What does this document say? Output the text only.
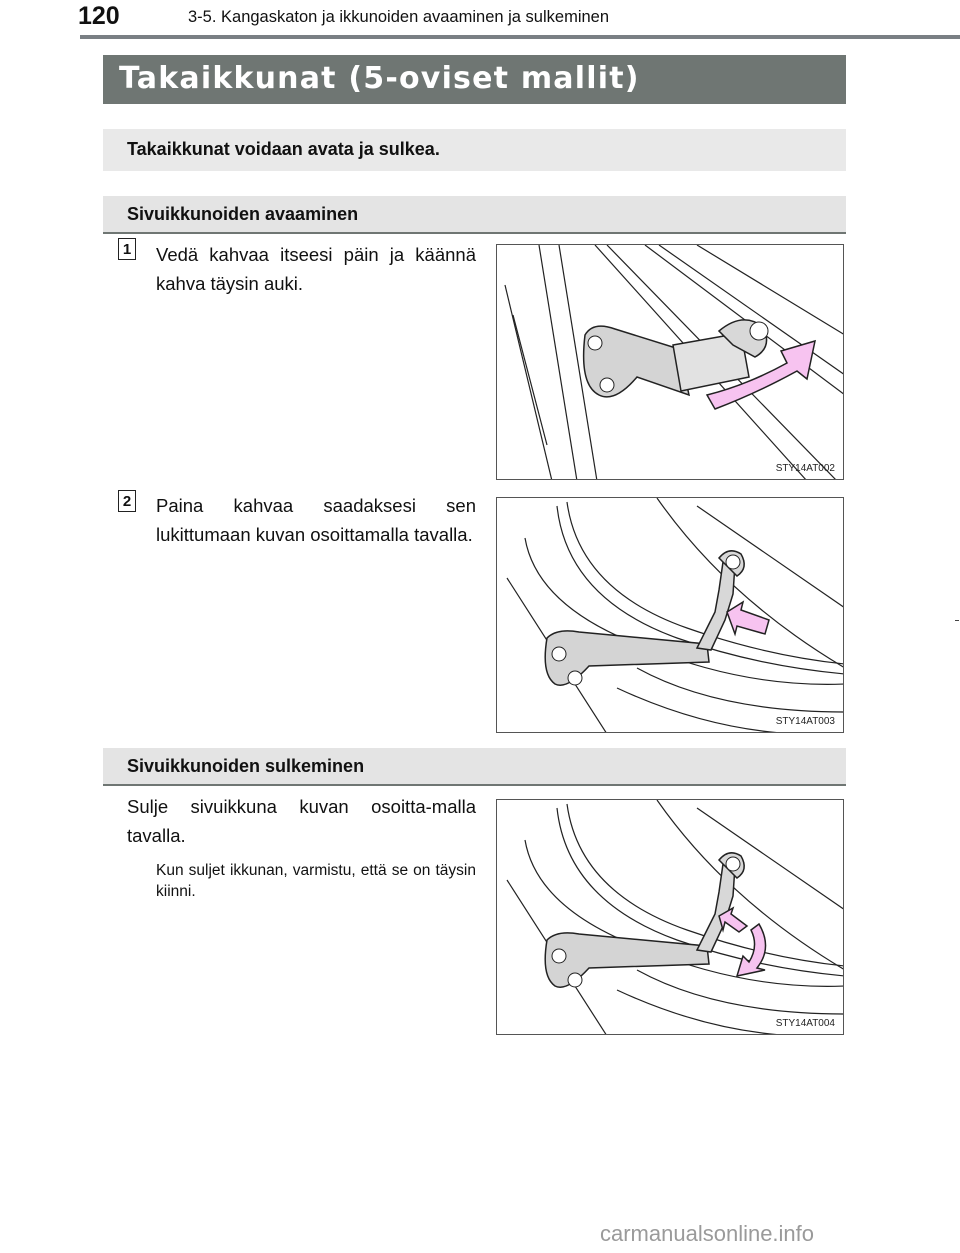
120	3-5. Kangaskaton ja ikkunoiden avaaminen ja sulkeminen
Takaikkunat (5-oviset mallit)
Takaikkunat voidaan avata ja sulkea.
Sivuikkunoiden avaaminen
1 Vedä kahvaa itseesi päin ja käännä kahva täysin auki.
STY14AT002
2 Paina kahvaa saadaksesi sen lukittumaan kuvan osoittamalla tavalla.
STY14AT003
Sivuikkunoiden sulkeminen
Sulje sivuikkuna kuvan osoitta-malla tavalla.
Kun suljet ikkunan, varmistu, että se on täysin kiinni.
STY14AT004
carmanualsonline.info
